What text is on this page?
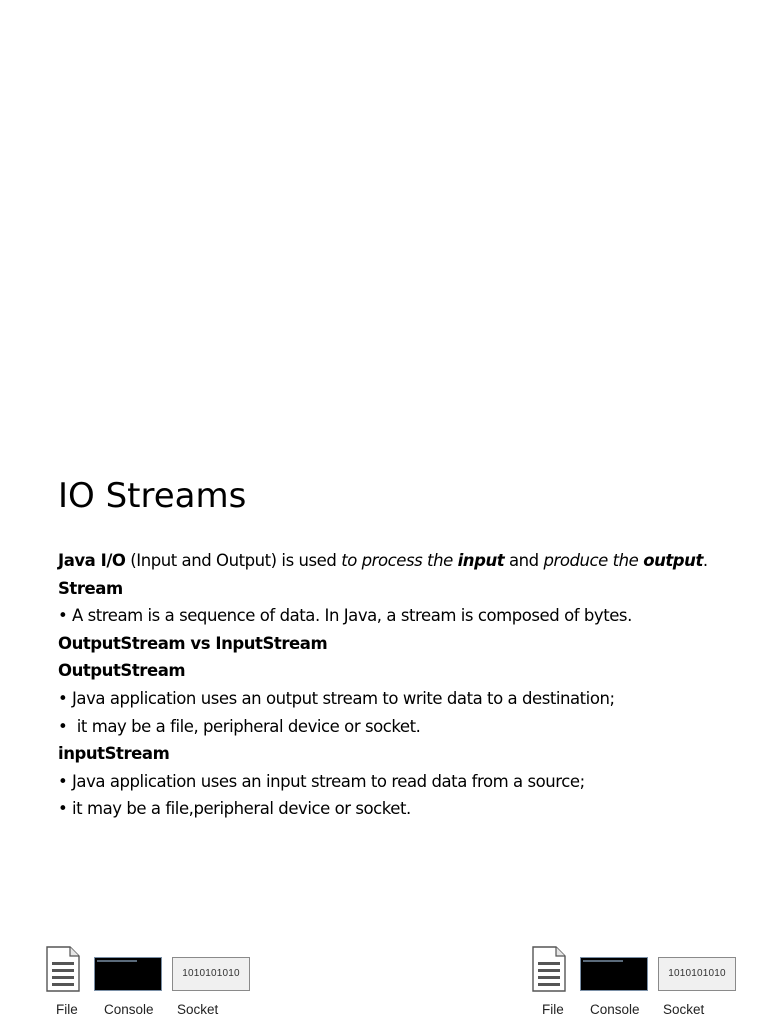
IO Streams
Java I/O (Input and Output) is used to process the input and produce the output.
Stream
• A stream is a sequence of data. In Java, a stream is composed of bytes.
OutputStream vs InputStream
OutputStream
• Java application uses an output stream to write data to a destination;
• it may be a file, peripheral device or socket.
inputStream
• Java application uses an input stream to read data from a source;
• it may be a file,peripheral device or socket.
1010101010
File Console Socket
1010101010
File Console Socket
